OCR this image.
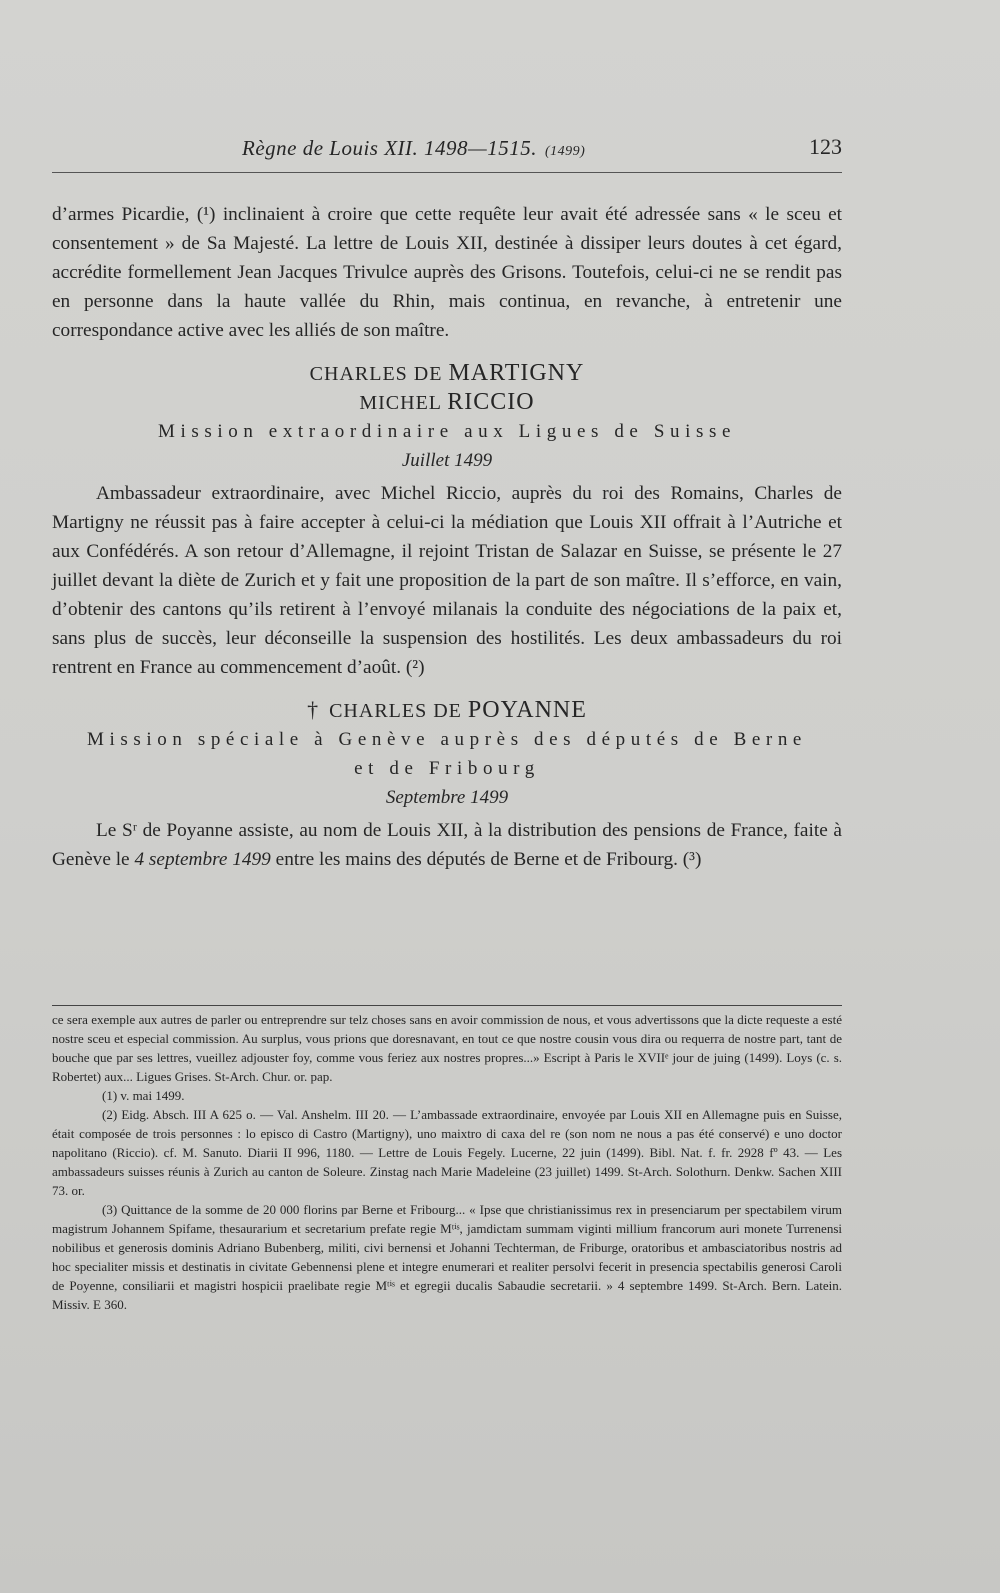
Règne de Louis XII. 1498—1515. (1499)	123

d’armes Picardie, (¹) inclinaient à croire que cette requête leur avait été adressée sans « le sceu et consentement » de Sa Majesté. La lettre de Louis XII, destinée à dissiper leurs doutes à cet égard, accrédite formellement Jean Jacques Trivulce auprès des Grisons. Toutefois, celui-ci ne se rendit pas en personne dans la haute vallée du Rhin, mais continua, en revanche, à entretenir une correspondance active avec les alliés de son maître.

CHARLES DE MARTIGNY
MICHEL RICCIO
Mission extraordinaire aux Ligues de Suisse
Juillet 1499

Ambassadeur extraordinaire, avec Michel Riccio, auprès du roi des Romains, Charles de Martigny ne réussit pas à faire accepter à celui-ci la médiation que Louis XII offrait à l’Autriche et aux Confédérés. A son retour d’Allemagne, il rejoint Tristan de Salazar en Suisse, se présente le 27 juillet devant la diète de Zurich et y fait une proposition de la part de son maître. Il s’efforce, en vain, d’obtenir des cantons qu’ils retirent à l’envoyé milanais la conduite des négociations de la paix et, sans plus de succès, leur déconseille la suspension des hostilités. Les deux ambassadeurs du roi rentrent en France au commencement d’août. (²)

† CHARLES DE POYANNE
Mission spéciale à Genève auprès des députés de Berne
et de Fribourg
Septembre 1499

Le Sʳ de Poyanne assiste, au nom de Louis XII, à la distribution des pensions de France, faite à Genève le 4 septembre 1499 entre les mains des députés de Berne et de Fribourg. (³)

ce sera exemple aux autres de parler ou entreprendre sur telz choses sans en avoir commission de nous, et vous advertissons que la dicte requeste a esté nostre sceu et especial commission. Au surplus, vous prions que doresnavant, en tout ce que nostre cousin vous dira ou requerra de nostre part, tant de bouche que par ses lettres, vueillez adjouster foy, comme vous feriez aux nostres propres...» Escript à Paris le XVIIᵉ jour de juing (1499). Loys (c. s. Robertet) aux... Ligues Grises. St-Arch. Chur. or. pap.

(1) v. mai 1499.

(2) Eidg. Absch. III A 625 o. — Val. Anshelm. III 20. — L’ambassade extraordinaire, envoyée par Louis XII en Allemagne puis en Suisse, était composée de trois personnes : lo episco di Castro (Martigny), uno maixtro di caxa del re (son nom ne nous a pas été conservé) e uno doctor napolitano (Riccio). cf. M. Sanuto. Diarii II 996, 1180. — Lettre de Louis Fegely. Lucerne, 22 juin (1499). Bibl. Nat. f. fr. 2928 fº 43. — Les ambassadeurs suisses réunis à Zurich au canton de Soleure. Zinstag nach Marie Madeleine (23 juillet) 1499. St-Arch. Solothurn. Denkw. Sachen XIII 73. or.

(3) Quittance de la somme de 20 000 florins par Berne et Fribourg... « Ipse que christianissimus rex in presenciarum per spectabilem virum magistrum Johannem Spifame, thesaurarium et secretarium prefate regie Mᵗⁱˢ, jamdictam summam viginti millium francorum auri monete Turrenensi nobilibus et generosis dominis Adriano Bubenberg, militi, civi bernensi et Johanni Techterman, de Friburge, oratoribus et ambasciatoribus nostris ad hoc specialiter missis et destinatis in civitate Gebennensi plene et integre enumerari et realiter persolvi fecerit in presencia spectabilis generosi Caroli de Poyenne, consiliarii et magistri hospicii praelibate regie Mᵗⁱˢ et egregii ducalis Sabaudie secretarii. » 4 septembre 1499. St-Arch. Bern. Latein. Missiv. E 360.
